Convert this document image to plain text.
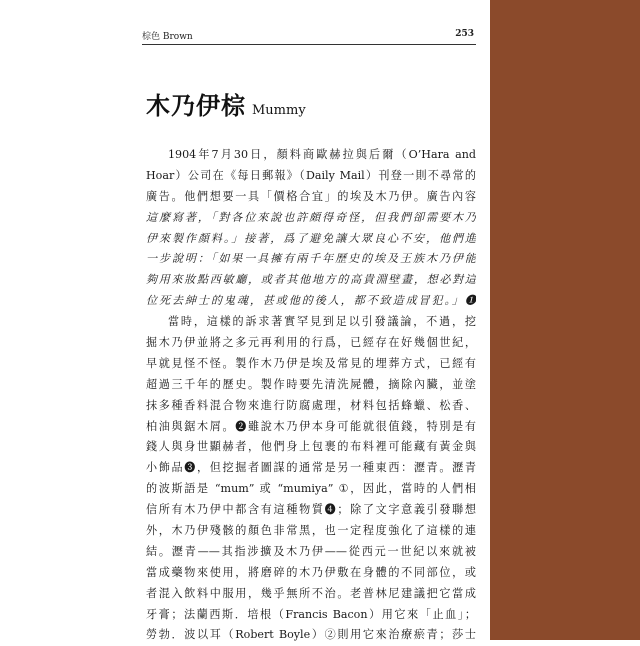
棕色 Brown	253
木乃伊棕 Mummy
1904年7月30日，顏料商歐赫拉與后爾（O’Hara and
Hoar）公司在《每日郵報》（Daily Mail）刊登一則不尋常的
廣告。他們想要一具「價格合宜」的埃及木乃伊。廣告內容
這麼寫著，「對各位來說也許頗得奇怪，但我們卻需要木乃
伊來製作顏料。」接著，爲了避免讓大眾良心不安，他們進
一步說明：「如果一具擁有兩千年歷史的埃及王族木乃伊能
夠用來妝點西敏廳，或者其他地方的高貴淵壁畫，想必對這
位死去紳士的鬼魂，甚或他的後人，都不致造成冒犯。」❶
當時，這樣的訴求著實罕見到足以引發議論，不過，挖
掘木乃伊並將之多元再利用的行爲，已經存在好幾個世紀，
早就見怪不怪。製作木乃伊是埃及常見的埋葬方式，已經有
超過三千年的歷史。製作時要先清洗屍體，摘除內臟，並塗
抹多種香料混合物來進行防腐處理，材料包括蜂蠟、松香、
柏油與鋸木屑。❷雖說木乃伊本身可能就很值錢，特別是有
錢人與身世顯赫者，他們身上包裹的布料裡可能藏有黃金與
小飾品❸，但挖掘者圖謀的通常是另一種東西：瀝青。瀝青
的波斯語是 “mum” 或 “mumiya” ①，因此，當時的人們相
信所有木乃伊中都含有這種物質❹；除了文字意義引發聯想
外，木乃伊殘骸的顏色非常黑，也一定程度強化了這樣的連
結。瀝青——其指涉擴及木乃伊——從西元一世紀以來就被
當成藥物來使用，將磨碎的木乃伊敷在身體的不同部位，或
者混入飲料中服用，幾乎無所不治。老普林尼建議把它當成
牙膏；法蘭西斯．培根（Francis Bacon）用它來「止血」；
勞勃．波以耳（Robert Boyle）②則用它來治療瘀青；莎士
